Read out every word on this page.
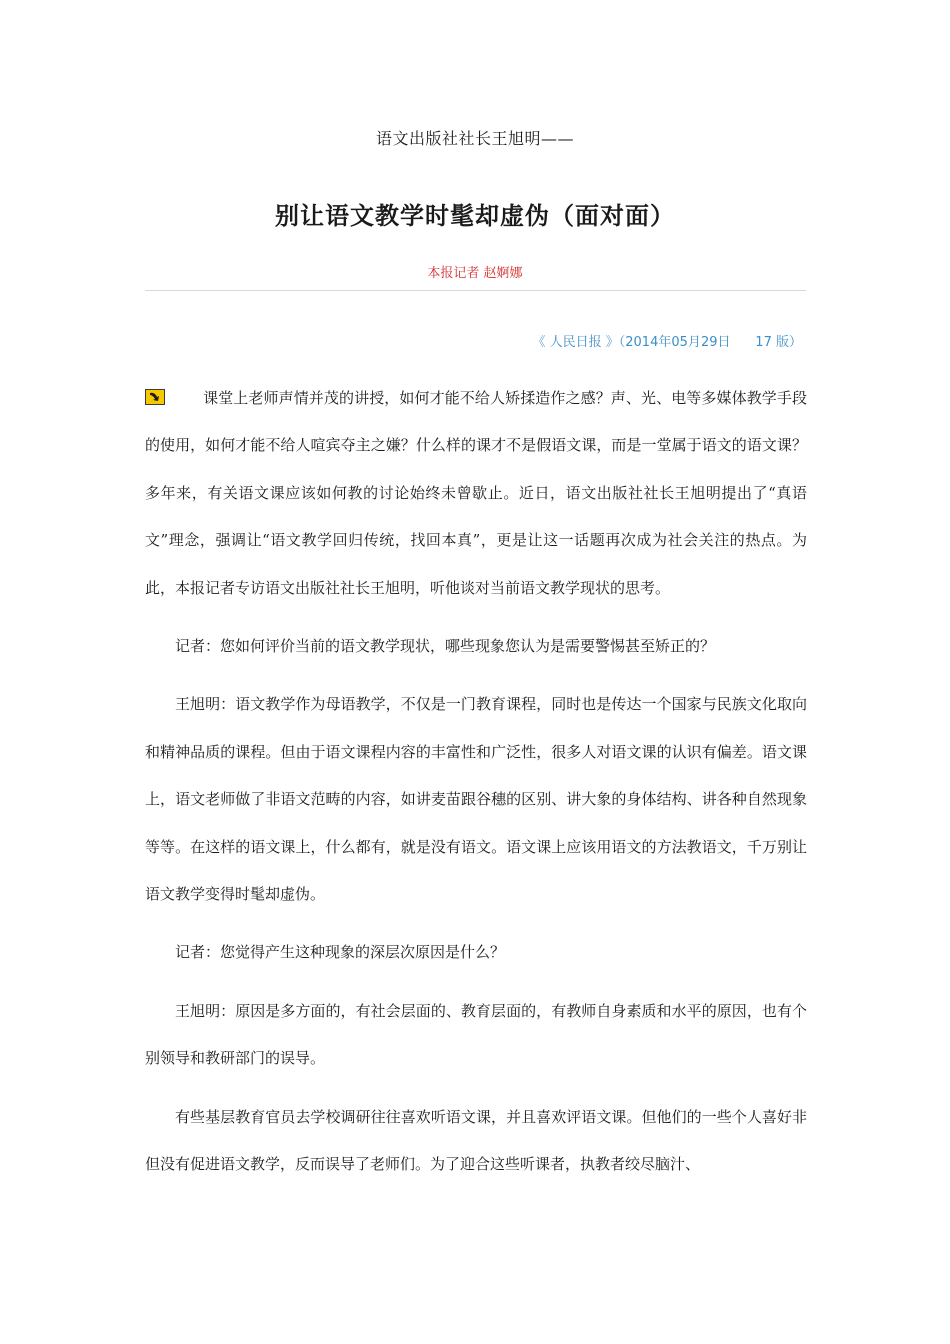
语文出版社社长王旭明——
别让语文教学时髦却虚伪（面对面）
本报记者 赵婀娜
《 人民日报 》（2014年05月29日 17 版）

课堂上老师声情并茂的讲授，如何才能不给人矫揉造作之感？声、光、电等多媒体教学手段的使用，如何才能不给人喧宾夺主之嫌？什么样的课才不是假语文课，而是一堂属于语文的语文课？多年来，有关语文课应该如何教的讨论始终未曾歇止。近日，语文出版社社长王旭明提出了“真语文”理念，强调让“语文教学回归传统，找回本真”，更是让这一话题再次成为社会关注的热点。为此，本报记者专访语文出版社社长王旭明，听他谈对当前语文教学现状的思考。

记者：您如何评价当前的语文教学现状，哪些现象您认为是需要警惕甚至矫正的？

王旭明：语文教学作为母语教学，不仅是一门教育课程，同时也是传达一个国家与民族文化取向和精神品质的课程。但由于语文课程内容的丰富性和广泛性，很多人对语文课的认识有偏差。语文课上，语文老师做了非语文范畴的内容，如讲麦苗跟谷穗的区别、讲大象的身体结构、讲各种自然现象等等。在这样的语文课上，什么都有，就是没有语文。语文课上应该用语文的方法教语文，千万别让语文教学变得时髦却虚伪。

记者：您觉得产生这种现象的深层次原因是什么？

王旭明：原因是多方面的，有社会层面的、教育层面的，有教师自身素质和水平的原因，也有个别领导和教研部门的误导。

有些基层教育官员去学校调研往往喜欢听语文课，并且喜欢评语文课。但他们的一些个人喜好非但没有促进语文教学，反而误导了老师们。为了迎合这些听课者，执教者绞尽脑汁、
